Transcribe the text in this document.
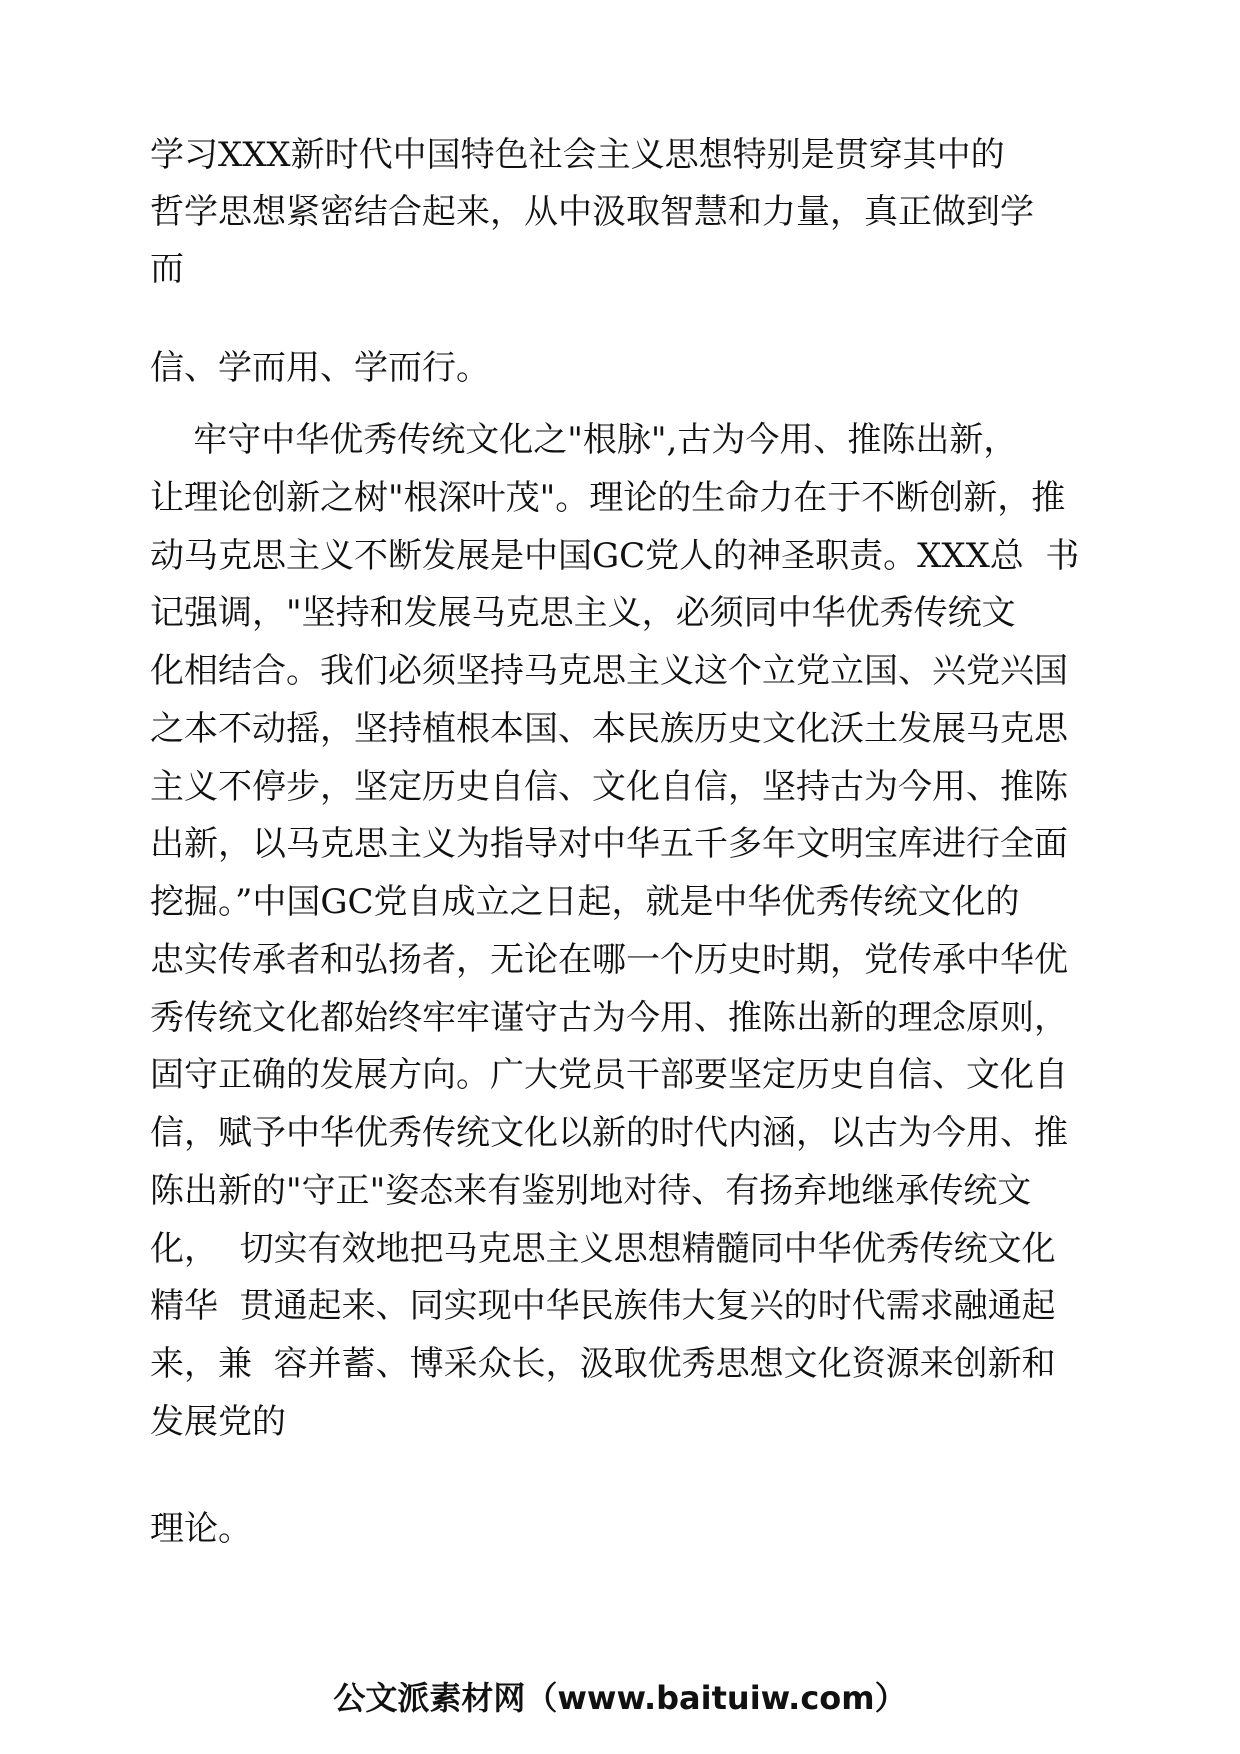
学习XXX新时代中国特色社会主义思想特别是贯穿其中的
哲学思想紧密结合起来，从中汲取智慧和力量，真正做到学
而
信、学而用、学而行。
牢守中华优秀传统文化之"根脉",古为今用、推陈出新，
让理论创新之树"根深叶茂"。理论的生命力在于不断创新，推
动马克思主义不断发展是中国GC党人的神圣职责。XXX总  书
记强调，"坚持和发展马克思主义，必须同中华优秀传统文
化相结合。我们必须坚持马克思主义这个立党立国、兴党兴国
之本不动摇，坚持植根本国、本民族历史文化沃土发展马克思
主义不停步，坚定历史自信、文化自信，坚持古为今用、推陈
出新，以马克思主义为指导对中华五千多年文明宝库进行全面
挖掘。”中国GC党自成立之日起，就是中华优秀传统文化的
忠实传承者和弘扬者，无论在哪一个历史时期，党传承中华优
秀传统文化都始终牢牢谨守古为今用、推陈出新的理念原则，
固守正确的发展方向。广大党员干部要坚定历史自信、文化自
信，赋予中华优秀传统文化以新的时代内涵，以古为今用、推
陈出新的"守正"姿态来有鉴别地对待、有扬弃地继承传统文
化，  切实有效地把马克思主义思想精髓同中华优秀传统文化
精华  贯通起来、同实现中华民族伟大复兴的时代需求融通起
来，兼  容并蓄、博采众长，汲取优秀思想文化资源来创新和
发展党的
理论。
公文派素材网（www.baituiw.com）
